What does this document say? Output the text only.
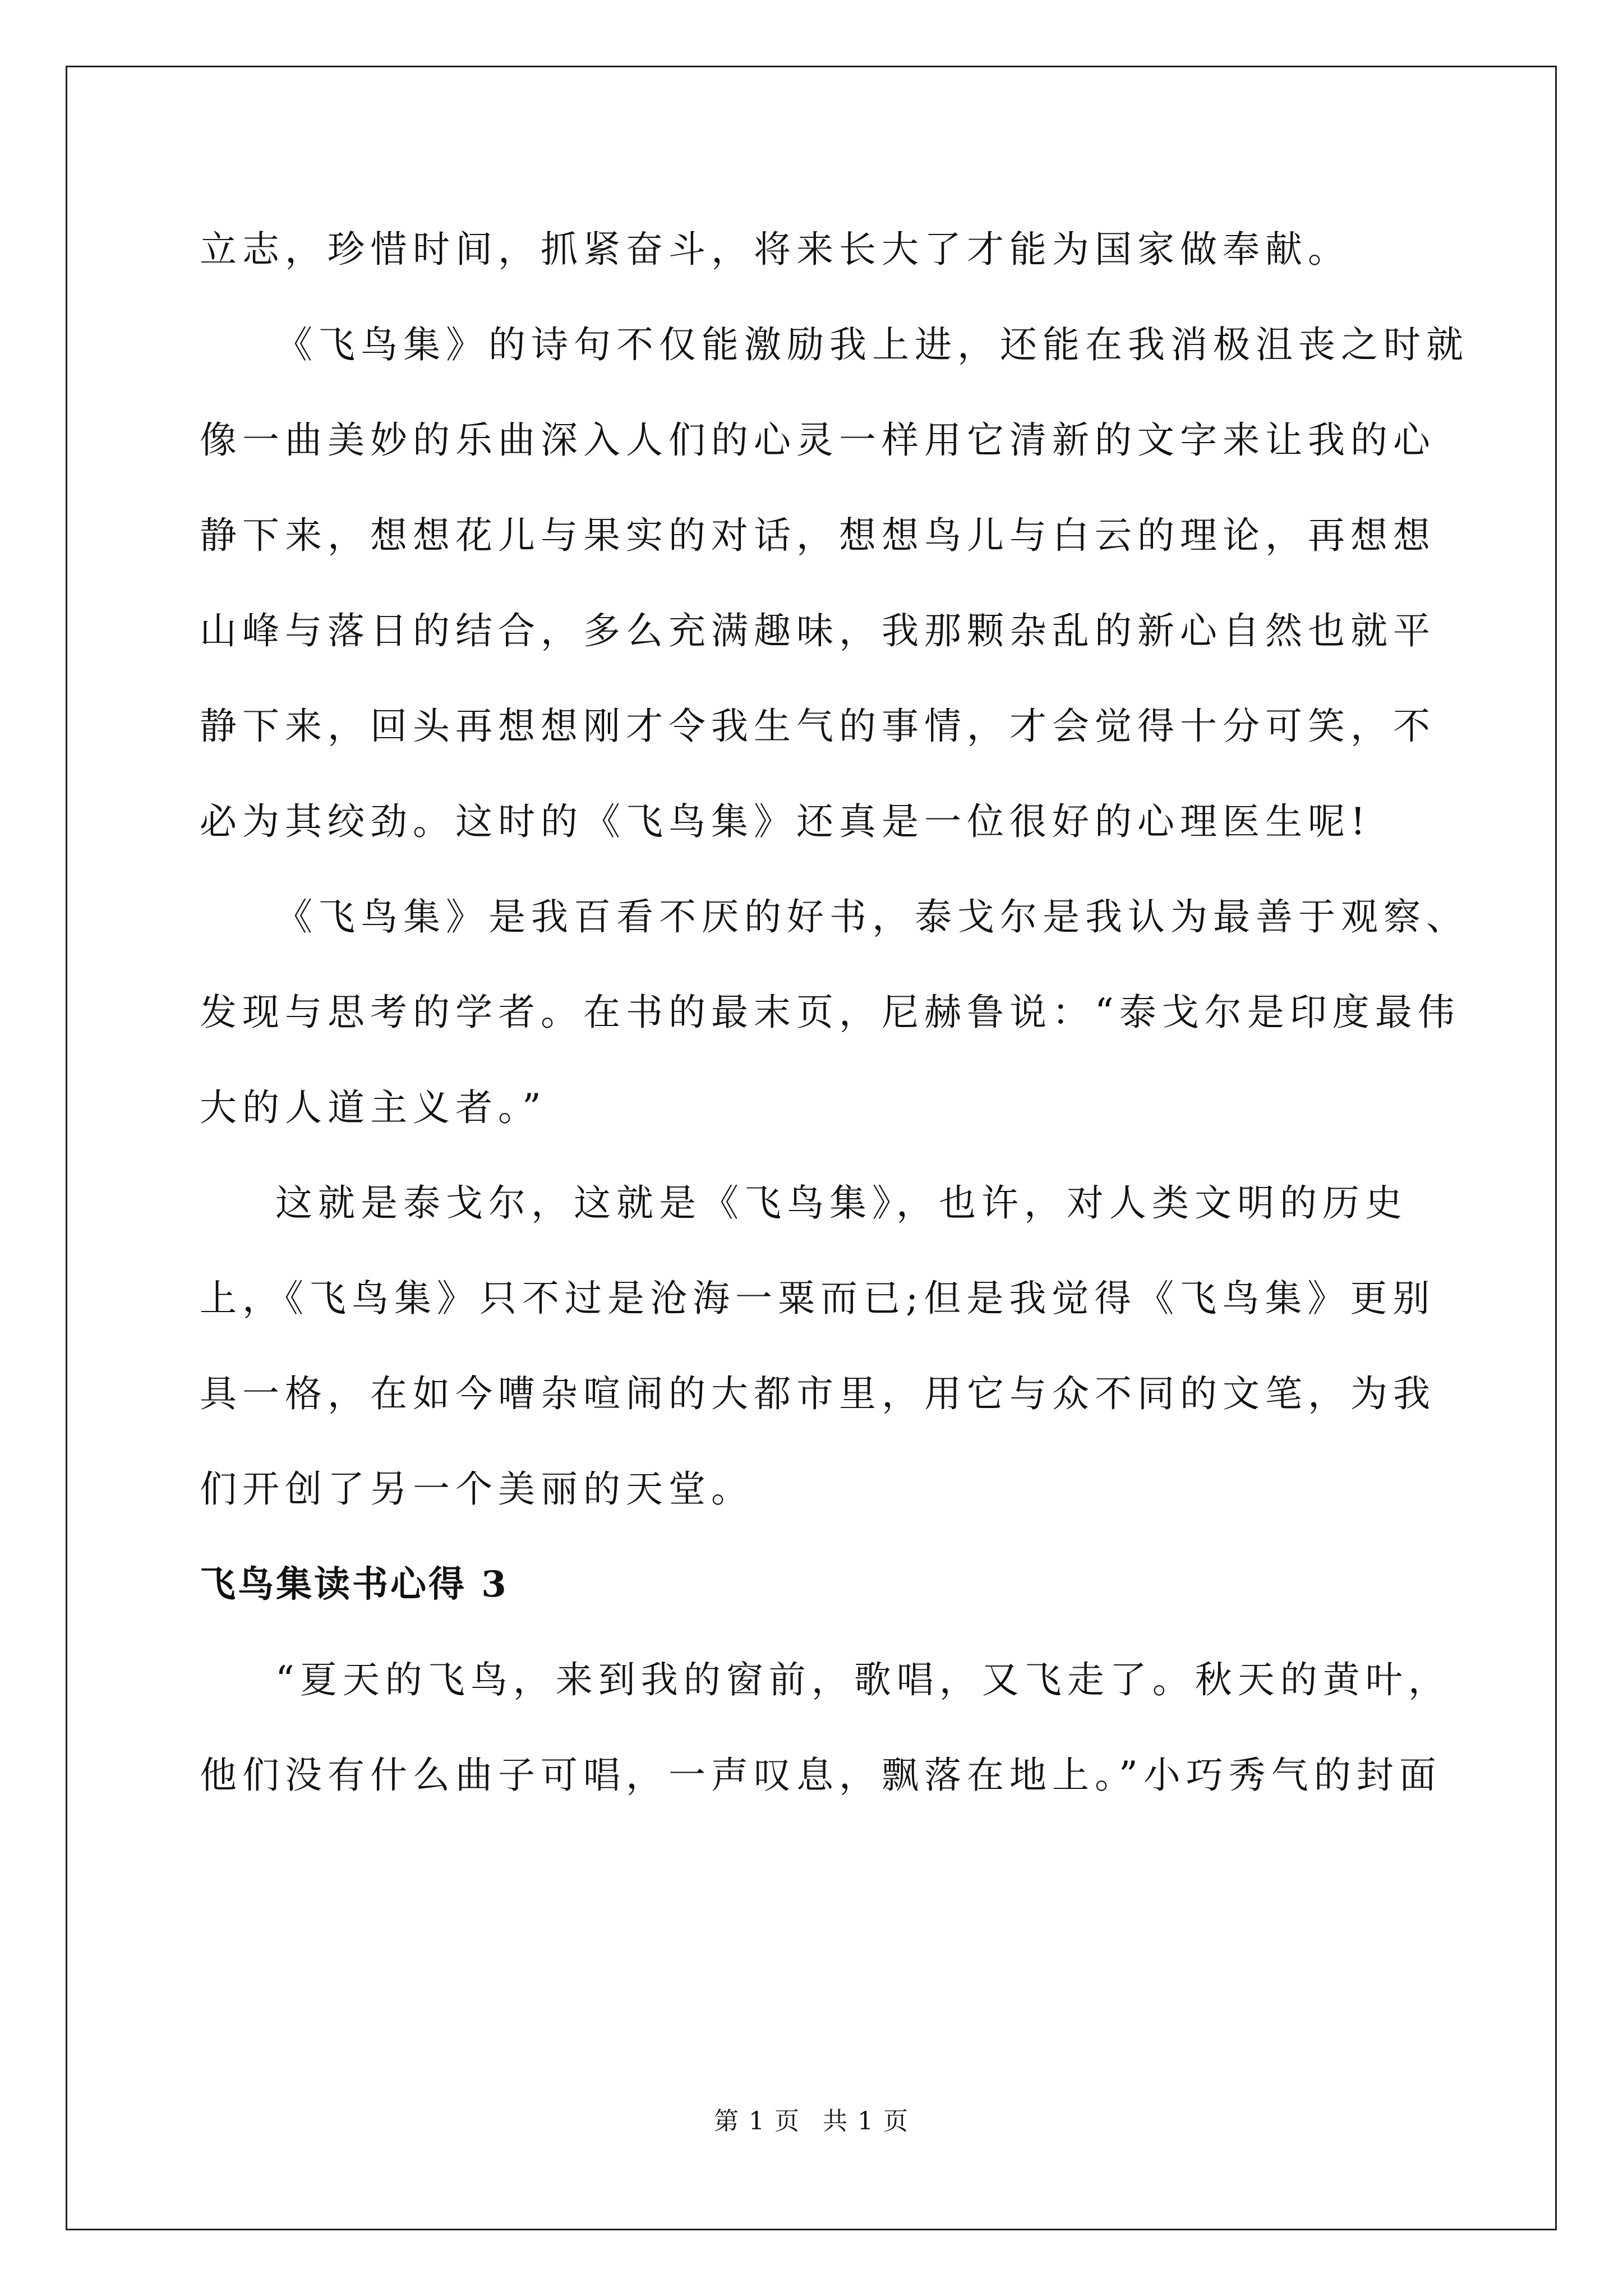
立志，珍惜时间，抓紧奋斗，将来长大了才能为国家做奉献。

《飞鸟集》的诗句不仅能激励我上进，还能在我消极沮丧之时就像一曲美妙的乐曲深入人们的心灵一样用它清新的文字来让我的心静下来，想想花儿与果实的对话，想想鸟儿与白云的理论，再想想山峰与落日的结合，多么充满趣味，我那颗杂乱的新心自然也就平静下来，回头再想想刚才令我生气的事情，才会觉得十分可笑，不必为其绞劲。这时的《飞鸟集》还真是一位很好的心理医生呢!

《飞鸟集》是我百看不厌的好书，泰戈尔是我认为最善于观察、发现与思考的学者。在书的最末页，尼赫鲁说：“泰戈尔是印度最伟大的人道主义者。”

这就是泰戈尔，这就是《飞鸟集》，也许，对人类文明的历史上，《飞鸟集》只不过是沧海一粟而已;但是我觉得《飞鸟集》更别具一格，在如今嘈杂喧闹的大都市里，用它与众不同的文笔，为我们开创了另一个美丽的天堂。

飞鸟集读书心得 3

“夏天的飞鸟，来到我的窗前，歌唱，又飞走了。秋天的黄叶，他们没有什么曲子可唱，一声叹息，飘落在地上。”小巧秀气的封面

第 1 页 共 1 页
